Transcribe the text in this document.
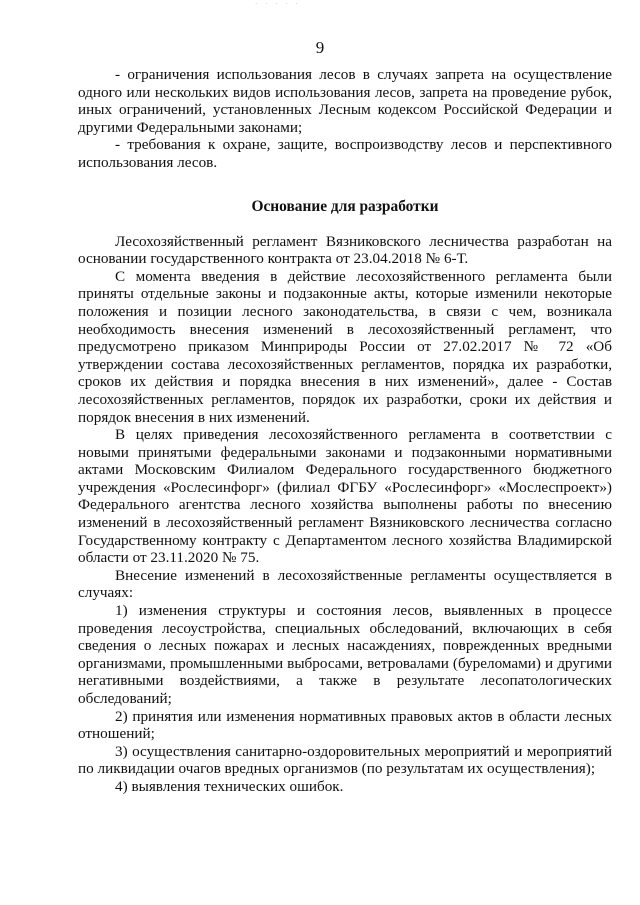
· · · · ·
9

- ограничения использования лесов в случаях запрета на осуществление одного или нескольких видов использования лесов, запрета на проведение рубок, иных ограничений, установленных Лесным кодексом Российской Федерации и другими Федеральными законами;

- требования к охране, защите, воспроизводству лесов и перспективного использования лесов.

Основание для разработки

Лесохозяйственный регламент Вязниковского лесничества разработан на основании государственного контракта от 23.04.2018 № 6-Т.

С момента введения в действие лесохозяйственного регламента были приняты отдельные законы и подзаконные акты, которые изменили некоторые положения и позиции лесного законодательства, в связи с чем, возникала необходимость внесения изменений в лесохозяйственный регламент, что предусмотрено приказом Минприроды России от 27.02.2017 № 72 «Об утверждении состава лесохозяйственных регламентов, порядка их разработки, сроков их действия и порядка внесения в них изменений», далее - Состав лесохозяйственных регламентов, порядок их разработки, сроки их действия и порядок внесения в них изменений.

В целях приведения лесохозяйственного регламента в соответствии с новыми принятыми федеральными законами и подзаконными нормативными актами Московским Филиалом Федерального государственного бюджетного учреждения «Рослесинфорг» (филиал ФГБУ «Рослесинфорг» «Мослеспроект») Федерального агентства лесного хозяйства выполнены работы по внесению изменений в лесохозяйственный регламент Вязниковского лесничества согласно Государственному контракту с Департаментом лесного хозяйства Владимирской области от 23.11.2020 № 75.

Внесение изменений в лесохозяйственные регламенты осуществляется в случаях:

1) изменения структуры и состояния лесов, выявленных в процессе проведения лесоустройства, специальных обследований, включающих в себя сведения о лесных пожарах и лесных насаждениях, поврежденных вредными организмами, промышленными выбросами, ветровалами (буреломами) и другими негативными воздействиями, а также в результате лесопатологических обследований;

2) принятия или изменения нормативных правовых актов в области лесных отношений;

3) осуществления санитарно-оздоровительных мероприятий и мероприятий по ликвидации очагов вредных организмов (по результатам их осуществления);

4) выявления технических ошибок.
